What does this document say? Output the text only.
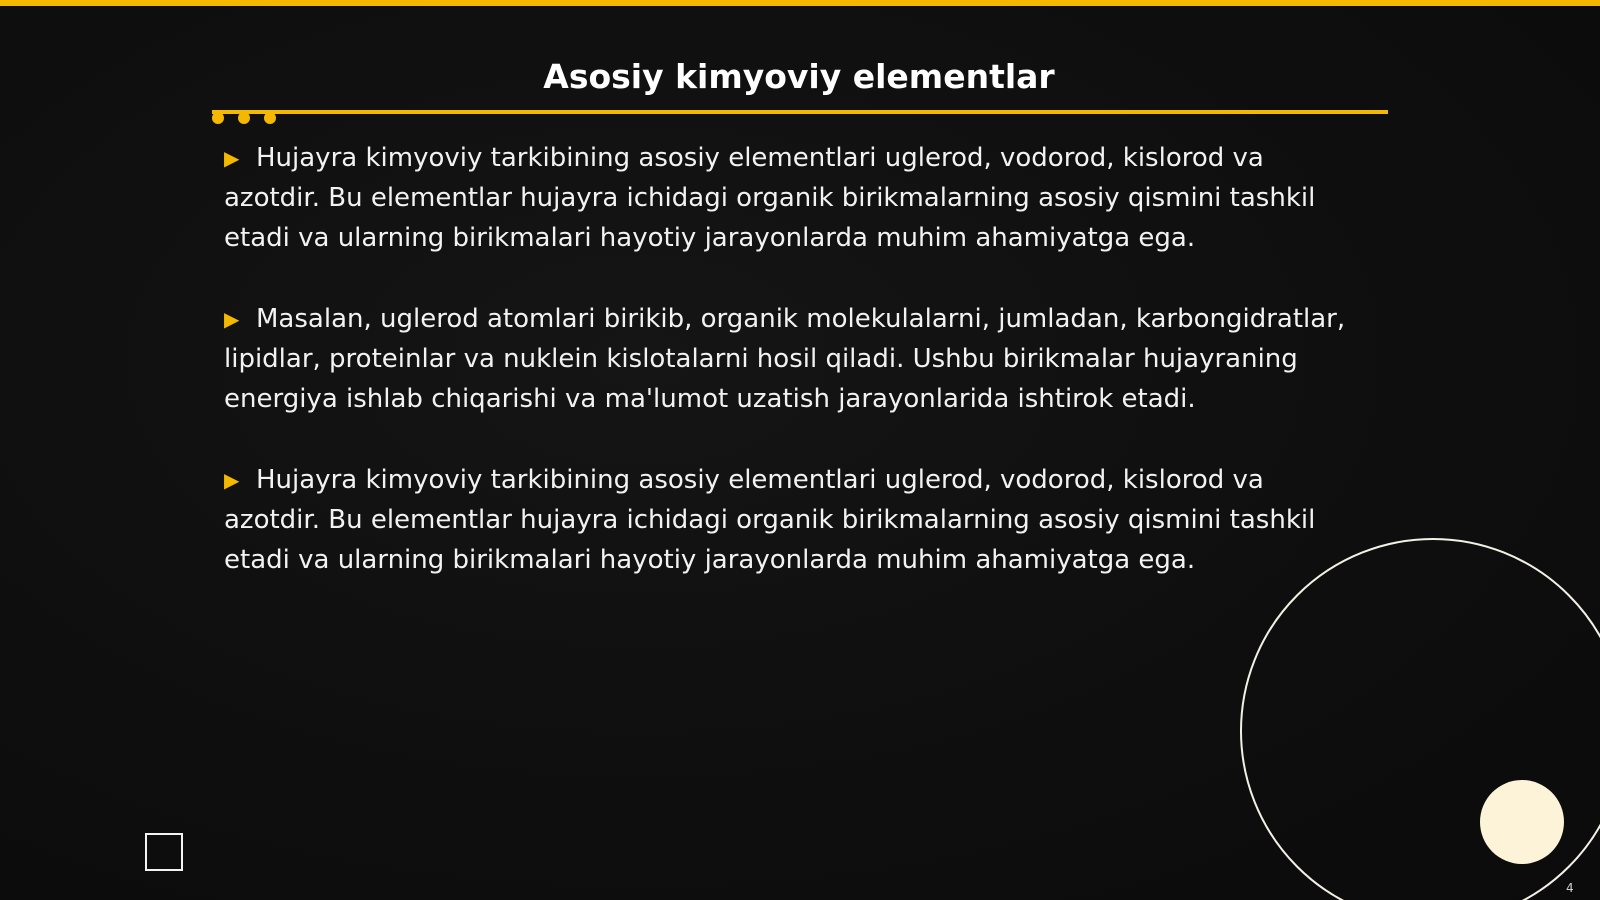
Asosiy kimyoviy elementlar

▶ Hujayra kimyoviy tarkibining asosiy elementlari uglerod, vodorod, kislorod va azotdir. Bu elementlar hujayra ichidagi organik birikmalarning asosiy qismini tashkil etadi va ularning birikmalari hayotiy jarayonlarda muhim ahamiyatga ega.

▶ Masalan, uglerod atomlari birikib, organik molekulalarni, jumladan, karbongidratlar, lipidlar, proteinlar va nuklein kislotalarni hosil qiladi. Ushbu birikmalar hujayraning energiya ishlab chiqarishi va ma'lumot uzatish jarayonlarida ishtirok etadi.

▶ Hujayra kimyoviy tarkibining asosiy elementlari uglerod, vodorod, kislorod va azotdir. Bu elementlar hujayra ichidagi organik birikmalarning asosiy qismini tashkil etadi va ularning birikmalari hayotiy jarayonlarda muhim ahamiyatga ega.

4
